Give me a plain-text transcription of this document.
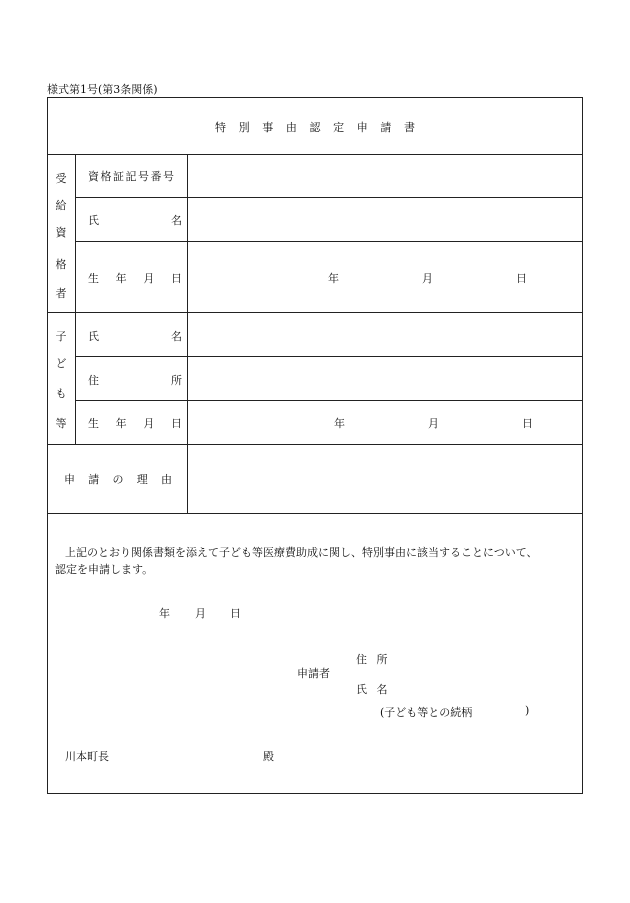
様式第1号(第3条関係)
特 別 事 由 認 定 申 請 書
受
給
資
格
者
資格証記号番号
氏	名
生 年 月 日	年	月	日
子
ど
も
等
氏	名
住	所
生 年 月 日	年	月	日
申 請 の 理 由
上記のとおり関係書類を添えて子ども等医療費助成に関し、特別事由に該当することについて、
認定を申請します。
年 月 日
申請者
住 所
氏 名
(子ども等との続柄	)
川本町長	殿
